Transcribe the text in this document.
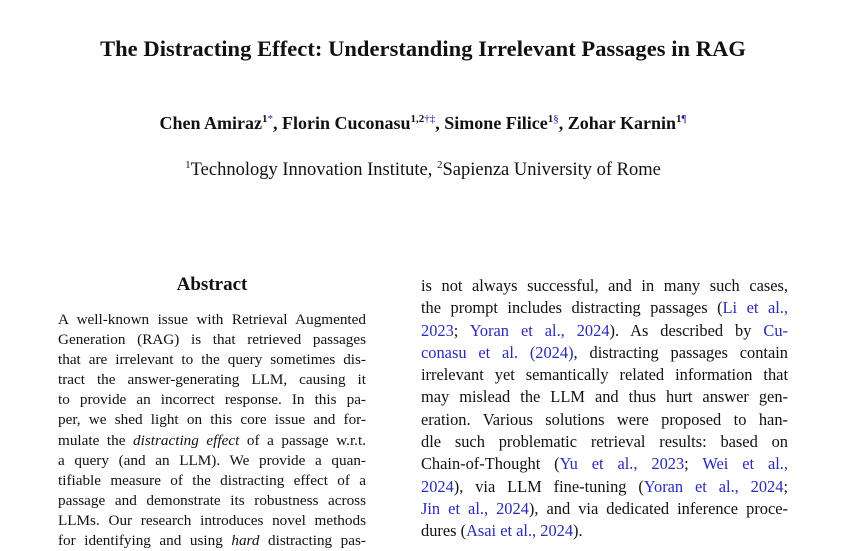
The Distracting Effect: Understanding Irrelevant Passages in RAG
Chen Amiraz$^{1*}$, Florin Cuconasu$^{1,2\dagger\ddagger}$, Simone Filice$^{1\S}$, Zohar Karnin$^{1\P}$
$^1$Technology Innovation Institute, $^2$Sapienza University of Rome
Abstract
A well-known issue with Retrieval Augmented
Generation (RAG) is that retrieved passages
that are irrelevant to the query sometimes dis-
tract the answer-generating LLM, causing it
to provide an incorrect response. In this pa-
per, we shed light on this core issue and for-
mulate the distracting effect of a passage w.r.t.
a query (and an LLM). We provide a quan-
tifiable measure of the distracting effect of a
passage and demonstrate its robustness across
LLMs. Our research introduces novel methods
for identifying and using hard distracting pas-
is not always successful, and in many such cases,
the prompt includes distracting passages (Li et al.,
2023; Yoran et al., 2024). As described by Cu-
conasu et al. (2024), distracting passages contain
irrelevant yet semantically related information that
may mislead the LLM and thus hurt answer gen-
eration. Various solutions were proposed to han-
dle such problematic retrieval results: based on
Chain-of-Thought (Yu et al., 2023; Wei et al.,
2024), via LLM fine-tuning (Yoran et al., 2024;
Jin et al., 2024), and via dedicated inference proce-
dures (Asai et al., 2024).
